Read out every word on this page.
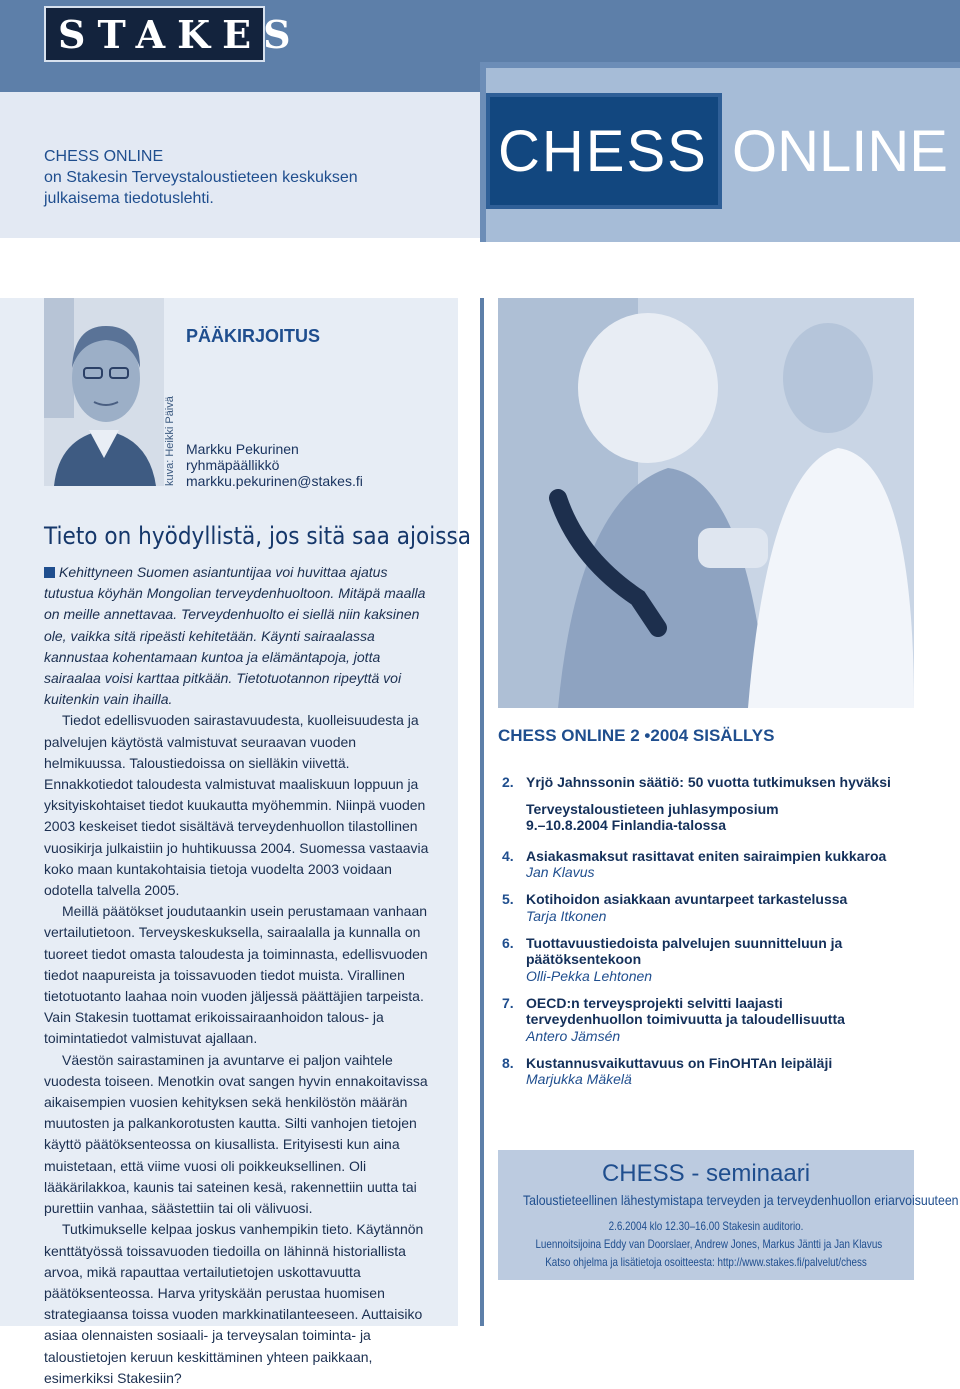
STAKES
CHESS ONLINE
on Stakesin Terveystaloustieteen keskuksen
julkaisema tiedotuslehti.
CHESS ONLINE
kuva: Heikki Päivä
PÄÄKIRJOITUS
Markku Pekurinen
ryhmäpäällikkö
markku.pekurinen@stakes.fi
Tieto on hyödyllistä, jos sitä saa ajoissa

Kehittyneen Suomen asiantuntijaa voi huvittaa ajatus tutustua köyhän Mongolian terveydenhuoltoon. Mitäpä maalla on meille annettavaa. Terveydenhuolto ei siellä niin kaksinen ole, vaikka sitä ripeästi kehitetään. Käynti sairaalassa kannustaa kohentamaan kuntoa ja elämäntapoja, jotta sairaalaa voisi karttaa pitkään. Tietotuotannon ripeyttä voi kuitenkin vain ihailla.

Tiedot edellisvuoden sairastavuudesta, kuolleisuudesta ja palvelujen käytöstä valmistuvat seuraavan vuoden helmikuussa. Taloustiedoissa on sielläkin viivettä. Ennakkotiedot taloudesta valmistuvat maaliskuun loppuun ja yksityiskohtaiset tiedot kuukautta myöhemmin. Niinpä vuoden 2003 keskeiset tiedot sisältävä terveydenhuollon tilastollinen vuosikirja julkaistiin jo huhtikuussa 2004. Suomessa vastaavia koko maan kuntakohtaisia tietoja vuodelta 2003 voidaan odotella talvella 2005.

Meillä päätökset joudutaankin usein perustamaan vanhaan vertailutietoon. Terveyskeskuksella, sairaalalla ja kunnalla on tuoreet tiedot omasta taloudesta ja toiminnasta, edellisvuoden tiedot naapureista ja toissavuoden tiedot muista. Virallinen tietotuotanto laahaa noin vuoden jäljessä päättäjien tarpeista. Vain Stakesin tuottamat erikoissairaanhoidon talous- ja toimintatiedot valmistuvat ajallaan.

Väestön sairastaminen ja avuntarve ei paljon vaihtele vuodesta toiseen. Menotkin ovat sangen hyvin ennakoitavissa aikaisempien vuosien kehityksen sekä henkilöstön määrän muutosten ja palkankorotusten kautta. Silti vanhojen tietojen käyttö päätöksenteossa on kiusallista. Erityisesti kun aina muistetaan, että viime vuosi oli poikkeuksellinen. Oli lääkärilakkoa, kaunis tai sateinen kesä, rakennettiin uutta tai purettiin vanhaa, säästettiin tai oli välivuosi.

Tutkimukselle kelpaa joskus vanhempikin tieto. Käytännön kenttätyössä toissavuoden tiedoilla on lähinnä historiallista arvoa, mikä rapauttaa vertailutietojen uskottavuutta päätöksenteossa. Harva yrityskään perustaa huomisen strategiaansa toissa vuoden markkinatilanteeseen. Auttaisiko asiaa olennaisten sosiaali- ja terveysalan toiminta- ja taloustietojen keruun keskittäminen yhteen paikkaan, esimerkiksi Stakesiin?

CHESS ONLINE 2 •2004 SISÄLLYS
2. Yrjö Jahnssonin säätiö: 50 vuotta tutkimuksen hyväksi
Terveystaloustieteen juhlasymposium 9.–10.8.2004 Finlandia-talossa
4. Asiakasmaksut rasittavat eniten sairaimpien kukkaroa
Jan Klavus
5. Kotihoidon asiakkaan avuntarpeet tarkastelussa
Tarja Itkonen
6. Tuottavuustiedoista palvelujen suunnitteluun ja päätöksentekoon
Olli-Pekka Lehtonen
7. OECD:n terveysprojekti selvitti laajasti terveydenhuollon toimivuutta ja taloudellisuutta
Antero Jämsén
8. Kustannusvaikuttavuus on FinOHTAn leipäläji
Marjukka Mäkelä
CHESS - seminaari
Taloustieteellinen lähestymistapa terveyden ja terveydenhuollon eriarvoisuuteen
2.6.2004 klo 12.30–16.00 Stakesin auditorio.
Luennoitsijoina Eddy van Doorslaer, Andrew Jones, Markus Jäntti ja Jan Klavus
Katso ohjelma ja lisätietoja osoitteesta: http://www.stakes.fi/palvelut/chess
